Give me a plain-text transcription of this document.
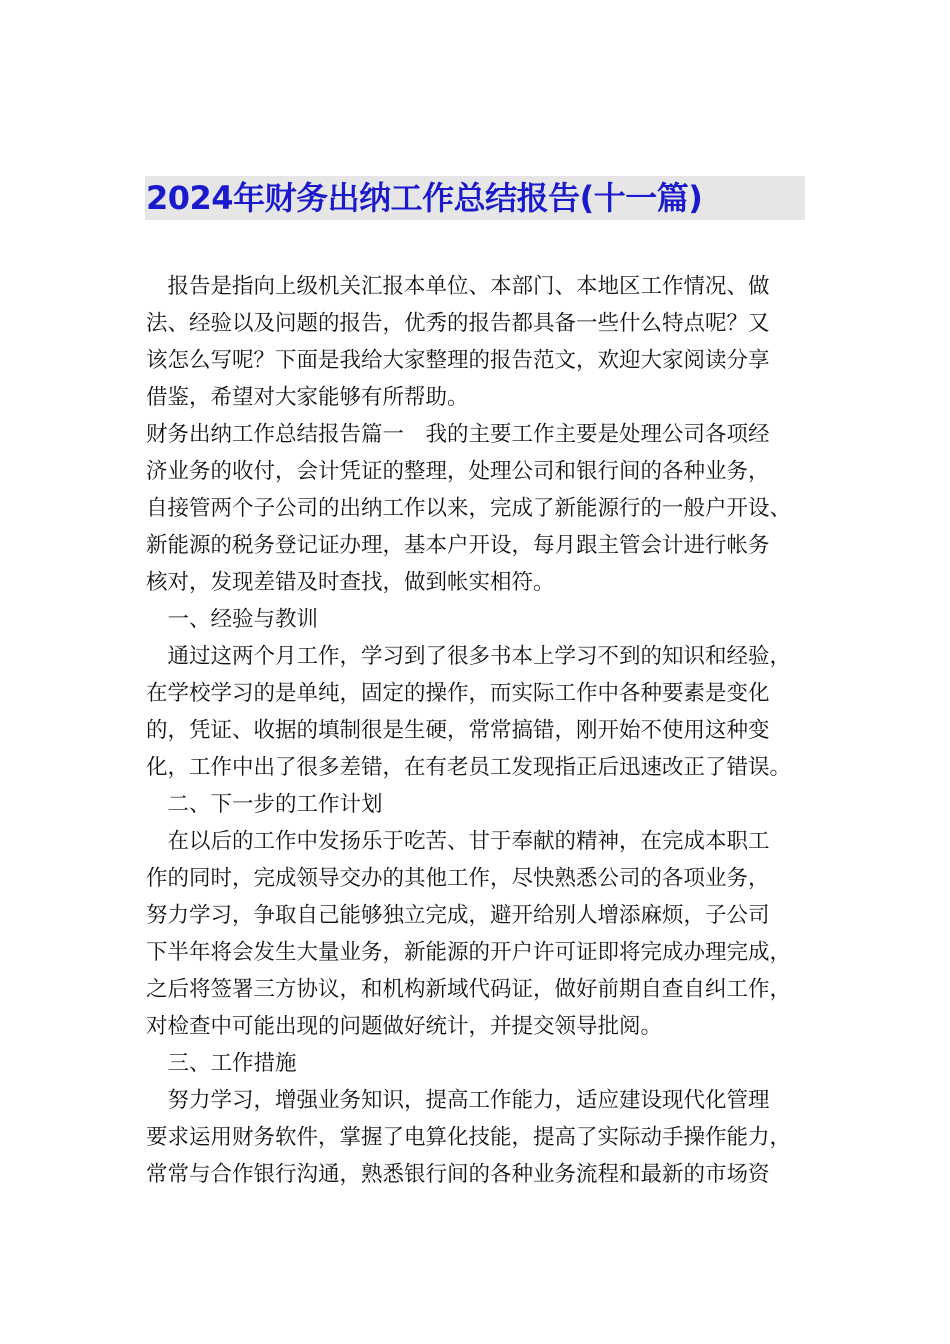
2024年财务出纳工作总结报告(十一篇)
　报告是指向上级机关汇报本单位、本部门、本地区工作情况、做
法、经验以及问题的报告，优秀的报告都具备一些什么特点呢？又
该怎么写呢？下面是我给大家整理的报告范文，欢迎大家阅读分享
借鉴，希望对大家能够有所帮助。
财务出纳工作总结报告篇一　我的主要工作主要是处理公司各项经
济业务的收付，会计凭证的整理，处理公司和银行间的各种业务，
自接管两个子公司的出纳工作以来，完成了新能源行的一般户开设、
新能源的税务登记证办理，基本户开设，每月跟主管会计进行帐务
核对，发现差错及时查找，做到帐实相符。
　一、经验与教训
　通过这两个月工作，学习到了很多书本上学习不到的知识和经验，
在学校学习的是单纯，固定的操作，而实际工作中各种要素是变化
的，凭证、收据的填制很是生硬，常常搞错，刚开始不使用这种变
化，工作中出了很多差错，在有老员工发现指正后迅速改正了错误。
　二、下一步的工作计划
　在以后的工作中发扬乐于吃苦、甘于奉献的精神，在完成本职工
作的同时，完成领导交办的其他工作，尽快熟悉公司的各项业务，
努力学习，争取自己能够独立完成，避开给别人增添麻烦，子公司
下半年将会发生大量业务，新能源的开户许可证即将完成办理完成，
之后将签署三方协议，和机构新域代码证，做好前期自查自纠工作，
对检查中可能出现的问题做好统计，并提交领导批阅。
　三、工作措施
　努力学习，增强业务知识，提高工作能力，适应建设现代化管理
要求运用财务软件，掌握了电算化技能，提高了实际动手操作能力，
常常与合作银行沟通，熟悉银行间的各种业务流程和最新的市场资
